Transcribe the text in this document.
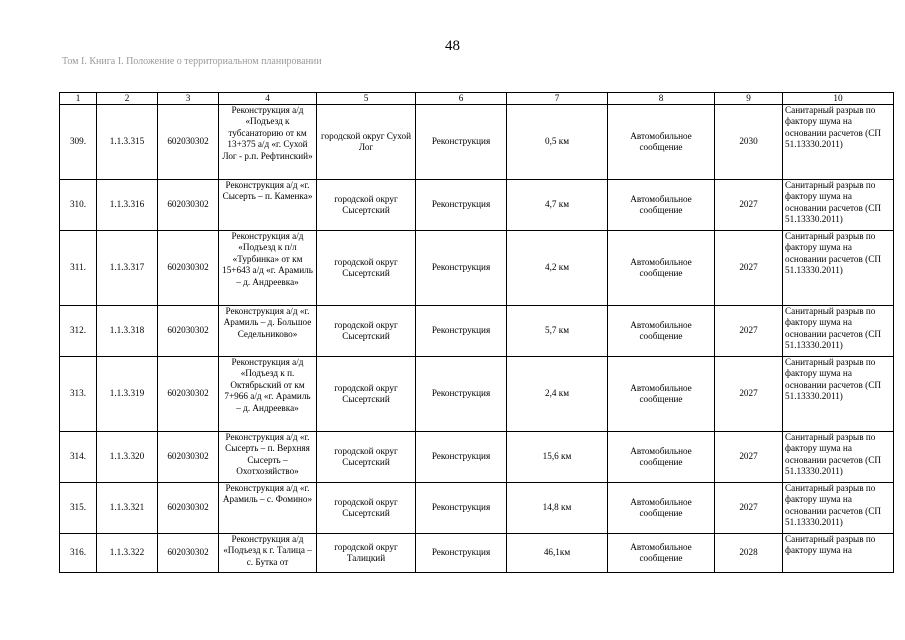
48
Том I. Книга I. Положение о территориальном планировании
1	2	3	4	5	6	7	8	9	10
309.	1.1.3.315	602030302	Реконструкция а/д «Подъезд к тубсанаторию от км 13+375 а/д «г. Сухой Лог - р.п. Рефтинский»	городской округ Сухой Лог	Реконструкция	0,5 км	Автомобильное сообщение	2030	Санитарный разрыв по фактору шума на основании расчетов (СП 51.13330.2011)
310.	1.1.3.316	602030302	Реконструкция а/д «г. Сысерть – п. Каменка»	городской округ Сысертский	Реконструкция	4,7 км	Автомобильное сообщение	2027	Санитарный разрыв по фактору шума на основании расчетов (СП 51.13330.2011)
311.	1.1.3.317	602030302	Реконструкция а/д «Подъезд к п/л «Турбинка» от км 15+643 а/д «г. Арамиль – д. Андреевка»	городской округ Сысертский	Реконструкция	4,2 км	Автомобильное сообщение	2027	Санитарный разрыв по фактору шума на основании расчетов (СП 51.13330.2011)
312.	1.1.3.318	602030302	Реконструкция а/д «г. Арамиль – д. Большое Седельниково»	городской округ Сысертский	Реконструкция	5,7 км	Автомобильное сообщение	2027	Санитарный разрыв по фактору шума на основании расчетов (СП 51.13330.2011)
313.	1.1.3.319	602030302	Реконструкция а/д «Подъезд к п. Октябрьский от км 7+966 а/д «г. Арамиль – д. Андреевка»	городской округ Сысертский	Реконструкция	2,4 км	Автомобильное сообщение	2027	Санитарный разрыв по фактору шума на основании расчетов (СП 51.13330.2011)
314.	1.1.3.320	602030302	Реконструкция а/д «г. Сысерть – п. Верхняя Сысерть – Охотхозяйство»	городской округ Сысертский	Реконструкция	15,6 км	Автомобильное сообщение	2027	Санитарный разрыв по фактору шума на основании расчетов (СП 51.13330.2011)
315.	1.1.3.321	602030302	Реконструкция а/д «г. Арамиль – с. Фомино»	городской округ Сысертский	Реконструкция	14,8 км	Автомобильное сообщение	2027	Санитарный разрыв по фактору шума на основании расчетов (СП 51.13330.2011)
316.	1.1.3.322	602030302	Реконструкция а/д «Подъезд к г. Талица – с. Бутка от	городской округ Талицкий	Реконструкция	46,1км	Автомобильное сообщение	2028	Санитарный разрыв по фактору шума на
